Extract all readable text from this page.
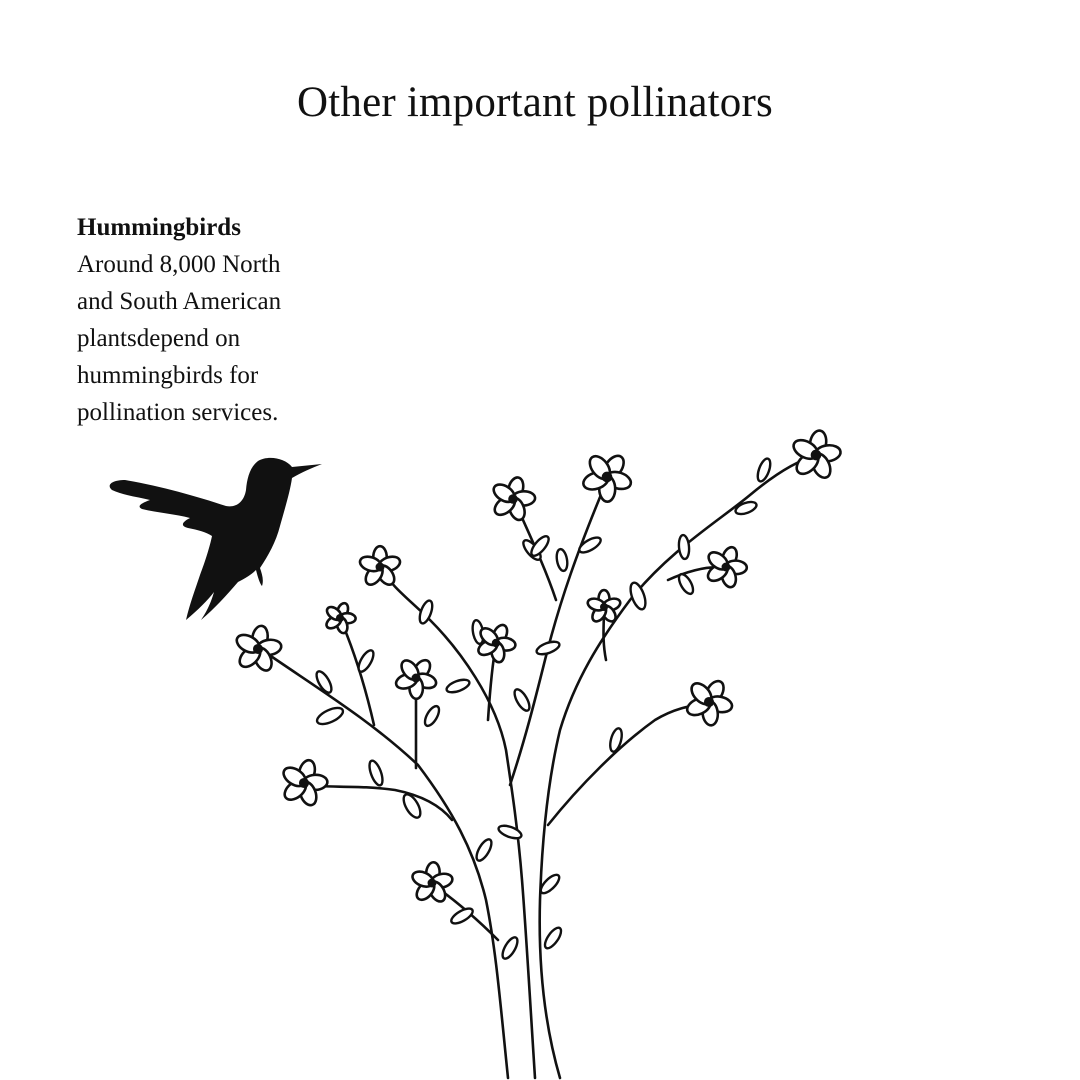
Other important pollinators
Hummingbirds
Around 8,000 North
and South American
plantsdepend on
hummingbirds for
pollination services.
